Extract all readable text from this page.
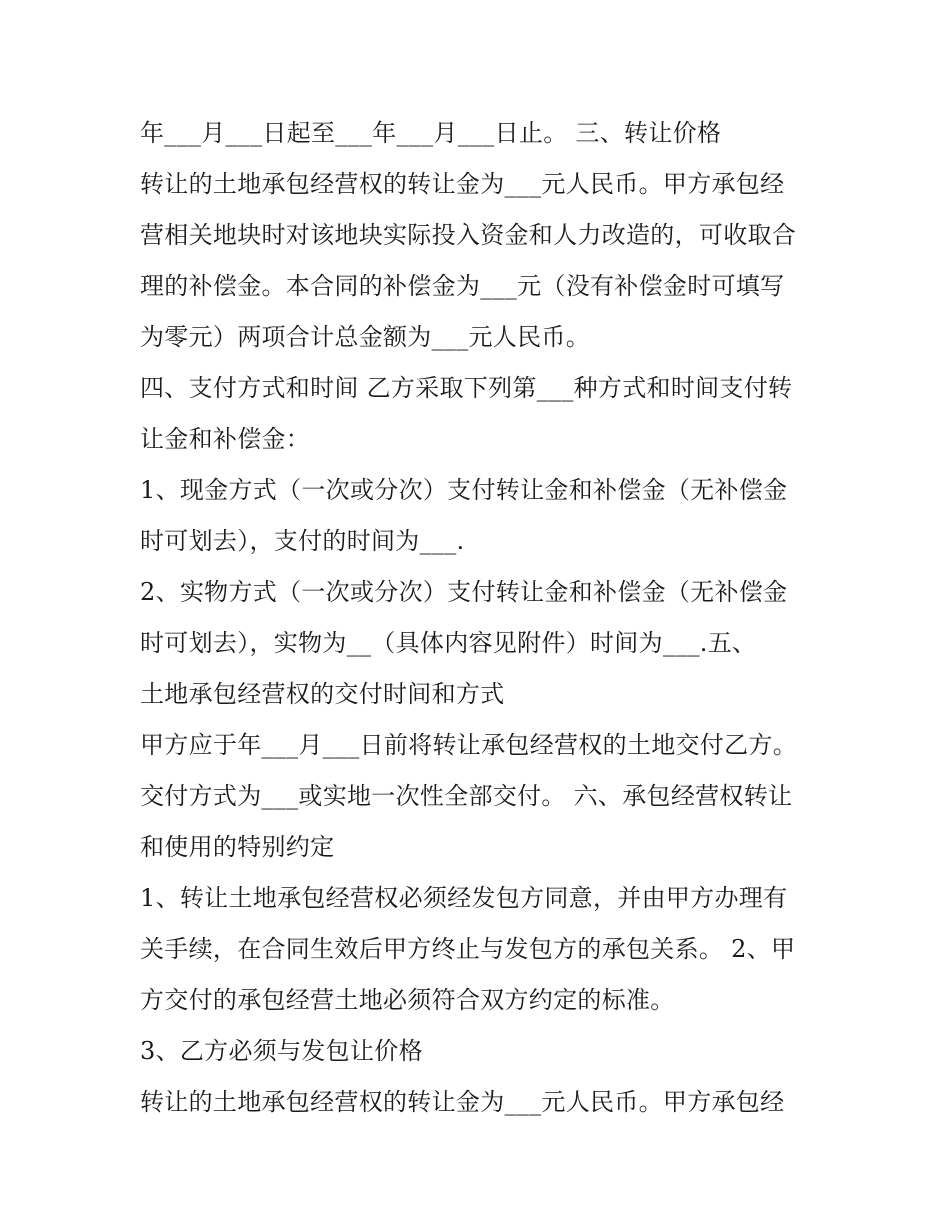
年___月___日起至___年___月___日止。 三、转让价格
转让的土地承包经营权的转让金为___元人民币。甲方承包经
营相关地块时对该地块实际投入资金和人力改造的，可收取合
理的补偿金。本合同的补偿金为___元（没有补偿金时可填写
为零元）两项合计总金额为___元人民币。
四、支付方式和时间 乙方采取下列第___种方式和时间支付转
让金和补偿金：
1、现金方式（一次或分次）支付转让金和补偿金（无补偿金
时可划去），支付的时间为___.
2、实物方式（一次或分次）支付转让金和补偿金（无补偿金
时可划去），实物为__（具体内容见附件）时间为___.五、
土地承包经营权的交付时间和方式
甲方应于年___月___日前将转让承包经营权的土地交付乙方。
交付方式为___或实地一次性全部交付。 六、承包经营权转让
和使用的特别约定
1、转让土地承包经营权必须经发包方同意，并由甲方办理有
关手续，在合同生效后甲方终止与发包方的承包关系。 2、甲
方交付的承包经营土地必须符合双方约定的标准。
3、乙方必须与发包让价格
转让的土地承包经营权的转让金为___元人民币。甲方承包经
